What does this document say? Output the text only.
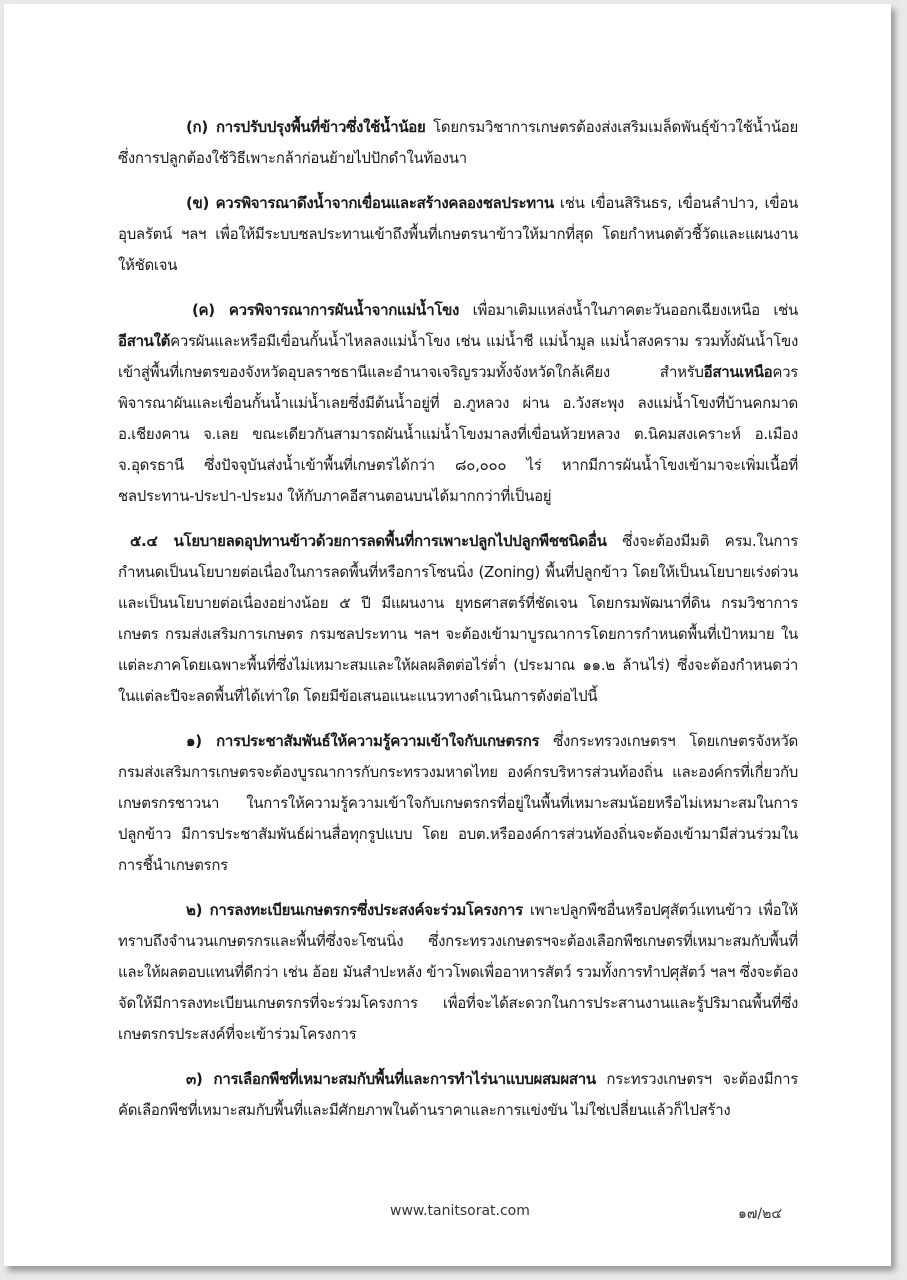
(ก) การปรับปรุงพื้นที่ข้าวซึ่งใช้น้ำน้อย โดยกรมวิชาการเกษตรต้องส่งเสริมเมล็ดพันธุ์ข้าวใช้น้ำน้อย ซึ่งการปลูกต้องใช้วิธีเพาะกล้าก่อนย้ายไปปักดำในท้องนา

(ข) ควรพิจารณาดึงน้ำจากเขื่อนและสร้างคลองชลประทาน เช่น เขื่อนสิรินธร, เขื่อนลำปาว, เขื่อนอุบลรัตน์ ฯลฯ เพื่อให้มีระบบชลประทานเข้าถึงพื้นที่เกษตรนาข้าวให้มากที่สุด โดยกำหนดตัวชี้วัดและแผนงานให้ชัดเจน

(ค) ควรพิจารณาการผันน้ำจากแม่น้ำโขง เพื่อมาเติมแหล่งน้ำในภาคตะวันออกเฉียงเหนือ เช่น อีสานใต้ควรผันและหรือมีเขื่อนกั้นน้ำไหลลงแม่น้ำโขง เช่น แม่น้ำชี แม่น้ำมูล แม่น้ำสงคราม รวมทั้งผันน้ำโขงเข้าสู่พื้นที่เกษตรของจังหวัดอุบลราชธานีและอำนาจเจริญรวมทั้งจังหวัดใกล้เคียง สำหรับอีสานเหนือควรพิจารณาผันและเขื่อนกั้นน้ำแม่น้ำเลยซึ่งมีต้นน้ำอยู่ที่ อ.ภูหลวง ผ่าน อ.วังสะพุง ลงแม่น้ำโขงที่บ้านคกมาด อ.เชียงคาน จ.เลย ขณะเดียวกันสามารถผันน้ำแม่น้ำโขงมาลงที่เขื่อนห้วยหลวง ต.นิคมสงเคราะห์ อ.เมือง จ.อุดรธานี ซึ่งปัจจุบันส่งน้ำเข้าพื้นที่เกษตรได้กว่า ๘๐,๐๐๐ ไร่ หากมีการผันน้ำโขงเข้ามาจะเพิ่มเนื้อที่ชลประทาน-ประปา-ประมง ให้กับภาคอีสานตอนบนได้มากกว่าที่เป็นอยู่

๕.๔ นโยบายลดอุปทานข้าวด้วยการลดพื้นที่การเพาะปลูกไปปลูกพืชชนิดอื่น ซึ่งจะต้องมีมติ ครม.ในการกำหนดเป็นนโยบายต่อเนื่องในการลดพื้นที่หรือการโซนนิ่ง (Zoning) พื้นที่ปลูกข้าว โดยให้เป็นนโยบายเร่งด่วนและเป็นนโยบายต่อเนื่องอย่างน้อย ๕ ปี มีแผนงาน ยุทธศาสตร์ที่ชัดเจน โดยกรมพัฒนาที่ดิน กรมวิชาการเกษตร กรมส่งเสริมการเกษตร กรมชลประทาน ฯลฯ จะต้องเข้ามาบูรณาการโดยการกำหนดพื้นที่เป้าหมาย ในแต่ละภาคโดยเฉพาะพื้นที่ซึ่งไม่เหมาะสมและให้ผลผลิตต่อไร่ต่ำ (ประมาณ ๑๑.๒ ล้านไร่) ซึ่งจะต้องกำหนดว่าในแต่ละปีจะลดพื้นที่ได้เท่าใด โดยมีข้อเสนอแนะแนวทางดำเนินการดังต่อไปนี้

๑) การประชาสัมพันธ์ให้ความรู้ความเข้าใจกับเกษตรกร ซึ่งกระทรวงเกษตรฯ โดยเกษตรจังหวัด กรมส่งเสริมการเกษตรจะต้องบูรณาการกับกระทรวงมหาดไทย องค์กรบริหารส่วนท้องถิ่น และองค์กรที่เกี่ยวกับเกษตรกรชาวนา ในการให้ความรู้ความเข้าใจกับเกษตรกรที่อยู่ในพื้นที่เหมาะสมน้อยหรือไม่เหมาะสมในการปลูกข้าว มีการประชาสัมพันธ์ผ่านสื่อทุกรูปแบบ โดย อบต.หรือองค์การส่วนท้องถิ่นจะต้องเข้ามามีส่วนร่วมในการชี้นำเกษตรกร

๒) การลงทะเบียนเกษตรกรซึ่งประสงค์จะร่วมโครงการ เพาะปลูกพืชอื่นหรือปศุสัตว์แทนข้าว เพื่อให้ทราบถึงจำนวนเกษตรกรและพื้นที่ซึ่งจะโซนนิ่ง ซึ่งกระทรวงเกษตรฯจะต้องเลือกพืชเกษตรที่เหมาะสมกับพื้นที่และให้ผลตอบแทนที่ดีกว่า เช่น อ้อย มันสำปะหลัง ข้าวโพดเพื่ออาหารสัตว์ รวมทั้งการทำปศุสัตว์ ฯลฯ ซึ่งจะต้องจัดให้มีการลงทะเบียนเกษตรกรที่จะร่วมโครงการ เพื่อที่จะได้สะดวกในการประสานงานและรู้ปริมาณพื้นที่ซึ่งเกษตรกรประสงค์ที่จะเข้าร่วมโครงการ

๓) การเลือกพืชที่เหมาะสมกับพื้นที่และการทำไร่นาแบบผสมผสาน กระทรวงเกษตรฯ จะต้องมีการคัดเลือกพืชที่เหมาะสมกับพื้นที่และมีศักยภาพในด้านราคาและการแข่งขัน ไม่ใช่เปลี่ยนแล้วก็ไปสร้าง

www.tanitsorat.com	๑๗/๒๔
